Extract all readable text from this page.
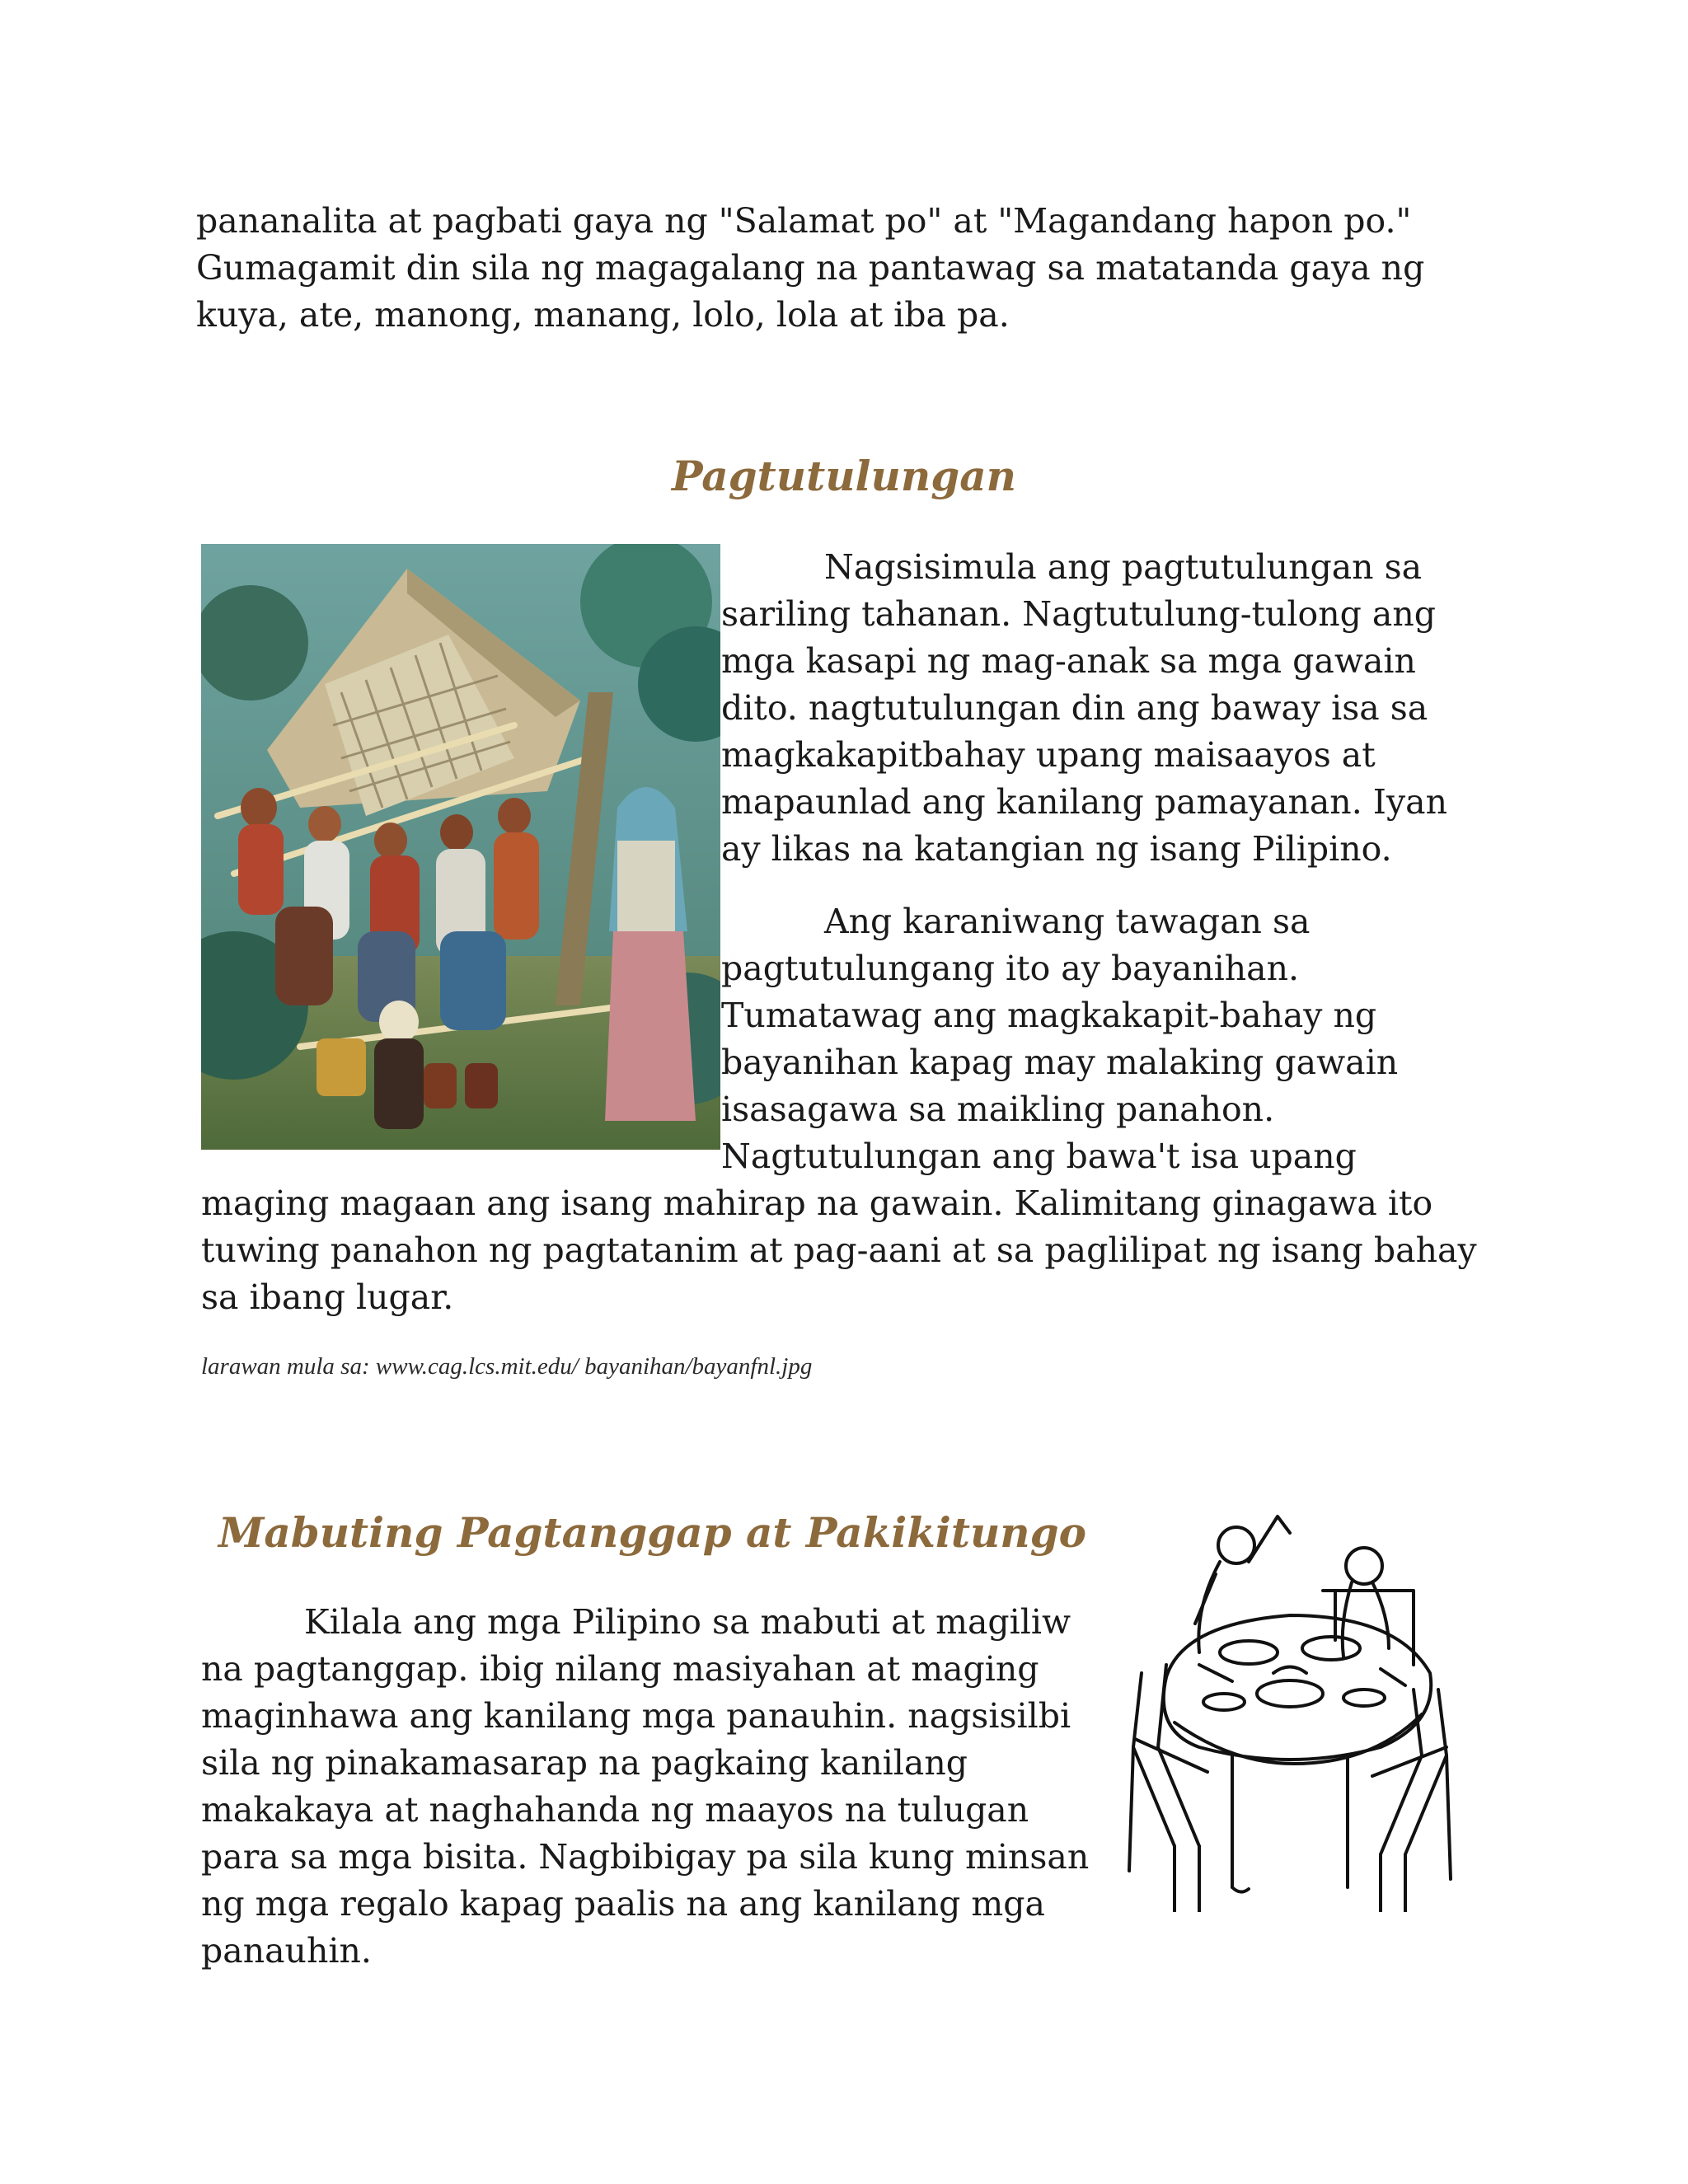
pananalita at pagbati gaya ng "Salamat po" at "Magandang hapon po." Gumagamit din sila ng magagalang na pantawag sa matatanda gaya ng kuya, ate, manong, manang, lolo, lola at iba pa.

Pagtutulungan

Nagsisimula ang pagtutulungan sa sariling tahanan. Nagtutulung-tulong ang mga kasapi ng mag-anak sa mga gawain dito. nagtutulungan din ang baway isa sa magkakapitbahay upang maisaayos at mapaunlad ang kanilang pamayanan. Iyan ay likas na katangian ng isang Pilipino.

Ang karaniwang tawagan sa pagtutulungang ito ay bayanihan. Tumatawag ang magkakapit-bahay ng bayanihan kapag may malaking gawain isasagawa sa maikling panahon. Nagtutulungan ang bawa't isa upang maging magaan ang isang mahirap na gawain. Kalimitang ginagawa ito tuwing panahon ng pagtatanim at pag-aani at sa paglilipat ng isang bahay sa ibang lugar.

larawan mula sa: www.cag.lcs.mit.edu/ bayanihan/bayanfnl.jpg

Mabuting Pagtanggap at Pakikitungo

Kilala ang mga Pilipino sa mabuti at magiliw na pagtanggap. ibig nilang masiyahan at maging maginhawa ang kanilang mga panauhin. nagsisilbi sila ng pinakamasarap na pagkaing kanilang makakaya at naghahanda ng maayos na tulugan para sa mga bisita. Nagbibigay pa sila kung minsan ng mga regalo kapag paalis na ang kanilang mga panauhin.
